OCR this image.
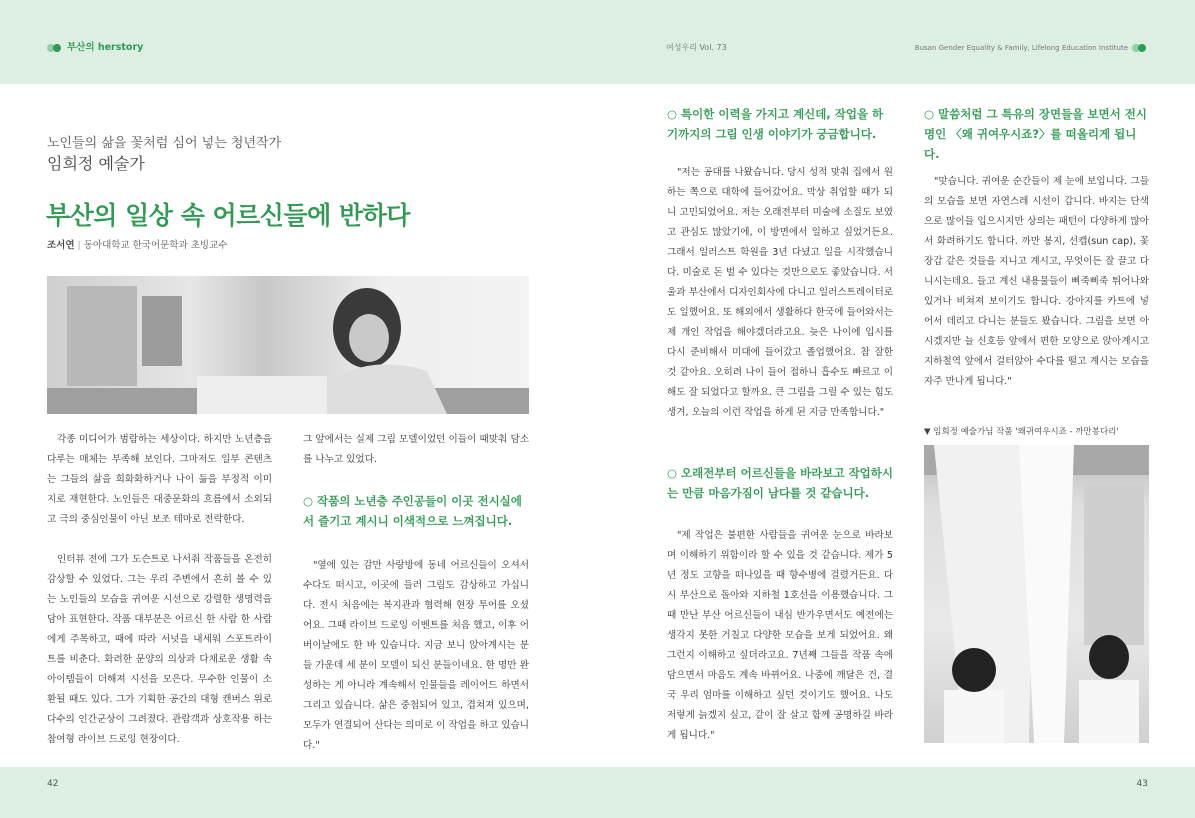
부산의 herstory	여성우리 Vol. 73	Busan Gender Equality & Family, Lifelong Education Institute
노인들의 삶을 꽃처럼 심어 넣는 청년작가
임희정 예술가
부산의 일상 속 어르신들에 반하다
조서연 | 동아대학교 한국어문학과 초빙교수

각종 미디어가 범람하는 세상이다. 하지만 노년층을 다루는 매체는 부족해 보인다. 그마저도 일부 콘텐츠는 그들의 삶을 희화화하거나 나이 듦을 부정적 이미지로 재현한다. 노인들은 대중문화의 흐름에서 소외되고 극의 중심인물이 아닌 보조 테마로 전락한다.

인터뷰 전에 그가 도슨트로 나서줘 작품들을 온전히 감상할 수 있었다. 그는 우리 주변에서 흔히 볼 수 있는 노인들의 모습을 귀여운 시선으로 강렬한 생명력을 담아 표현한다. 작품 대부분은 어르신 한 사람 한 사람에게 주목하고, 때에 따라 서넛을 내세워 스포트라이트를 비춘다. 화려한 문양의 의상과 다채로운 생활 속 아이템들이 더해져 시선을 모은다. 무수한 인물이 소환될 때도 있다. 그가 기획한 공간의 대형 캔버스 위로 다수의 인간군상이 그려졌다. 관람객과 상호작용 하는 참여형 라이브 드로잉 현장이다.

그 앞에서는 실제 그림 모델이었던 이들이 때맞춰 담소를 나누고 있었다.

○ 작품의 노년층 주인공들이 이곳 전시실에서 즐기고 계시니 이색적으로 느껴집니다.

"옆에 있는 감만 사랑방에 동네 어르신들이 오셔서 수다도 떠시고, 이곳에 들러 그림도 감상하고 가십니다. 전시 처음에는 복지관과 협력해 현장 투어를 오셨어요. 그때 라이브 드로잉 이벤트를 처음 했고, 이후 어버이날에도 한 바 있습니다. 지금 보니 앉아계시는 분들 가운데 세 분이 모델이 되신 분들이네요. 한 명만 완성하는 게 아니라 계속해서 인물들을 레이어드 하면서 그리고 있습니다. 삶은 중첩되어 있고, 겹쳐져 있으며, 모두가 연결되어 산다는 의미로 이 작업을 하고 있습니다."

○ 특이한 이력을 가지고 계신데, 작업을 하기까지의 그림 인생 이야기가 궁금합니다.

"저는 공대를 나왔습니다. 당시 성적 맞춰 집에서 원하는 쪽으로 대학에 들어갔어요. 막상 취업할 때가 되니 고민되었어요. 저는 오래전부터 미술에 소질도 보였고 관심도 많았기에, 이 방면에서 일하고 싶었거든요. 그래서 일러스트 학원을 3년 다녔고 일을 시작했습니다. 미술로 돈 벌 수 있다는 것만으로도 좋았습니다. 서울과 부산에서 디자인회사에 다니고 일러스트레이터로도 일했어요. 또 해외에서 생활하다 한국에 들어와서는 제 개인 작업을 해야겠더라고요. 늦은 나이에 입시를 다시 준비해서 미대에 들어갔고 졸업했어요. 참 잘한 것 같아요. 오히려 나이 들어 접하니 흡수도 빠르고 이해도 잘 되었다고 할까요. 큰 그림을 그릴 수 있는 힘도 생겨, 오늘의 이런 작업을 하게 된 지금 만족합니다."

○ 오래전부터 어르신들을 바라보고 작업하시는 만큼 마음가짐이 남다를 것 같습니다.

"제 작업은 불편한 사람들을 귀여운 눈으로 바라보며 이해하기 위함이라 할 수 있을 것 같습니다. 제가 5년 정도 고향을 떠나있을 때 향수병에 걸렸거든요. 다시 부산으로 돌아와 지하철 1호선을 이용했습니다. 그때 만난 부산 어르신들이 내심 반가우면서도 예전에는 생각지 못한 거칠고 다양한 모습을 보게 되었어요. 왜 그런지 이해하고 싶더라고요. 7년째 그들을 작품 속에 담으면서 마음도 계속 바뀌어요. 나중에 깨달은 건, 결국 우리 엄마를 이해하고 싶던 것이기도 했어요. 나도 저렇게 늙겠지 싶고, 같이 잘 살고 함께 공명하길 바라게 됩니다."

○ 말씀처럼 그 특유의 장면들을 보면서 전시명인 〈왜 귀여우시죠?〉를 떠올리게 됩니다.

"맞습니다. 귀여운 순간들이 제 눈에 보입니다. 그들의 모습을 보면 자연스레 시선이 갑니다. 바지는 단색으로 많이들 입으시지만 상의는 패턴이 다양하게 많아서 화려하기도 합니다. 까만 봉지, 선캡(sun cap), 꽃장갑 같은 것들을 지니고 계시고, 무엇이든 잘 끌고 다니시는데요. 들고 계신 내용물들이 삐죽삐죽 튀어나와 있거나 비쳐져 보이기도 합니다. 강아지를 카트에 넣어서 데리고 다니는 분들도 봤습니다. 그림을 보면 아시겠지만 늘 신호등 앞에서 편한 모양으로 앉아계시고 지하철역 앞에서 걸터앉아 수다를 떨고 계시는 모습을 자주 만나게 됩니다."

▼ 임희정 예술가님 작품 '왜귀여우시죠 - 까만봉다리'
42	43
